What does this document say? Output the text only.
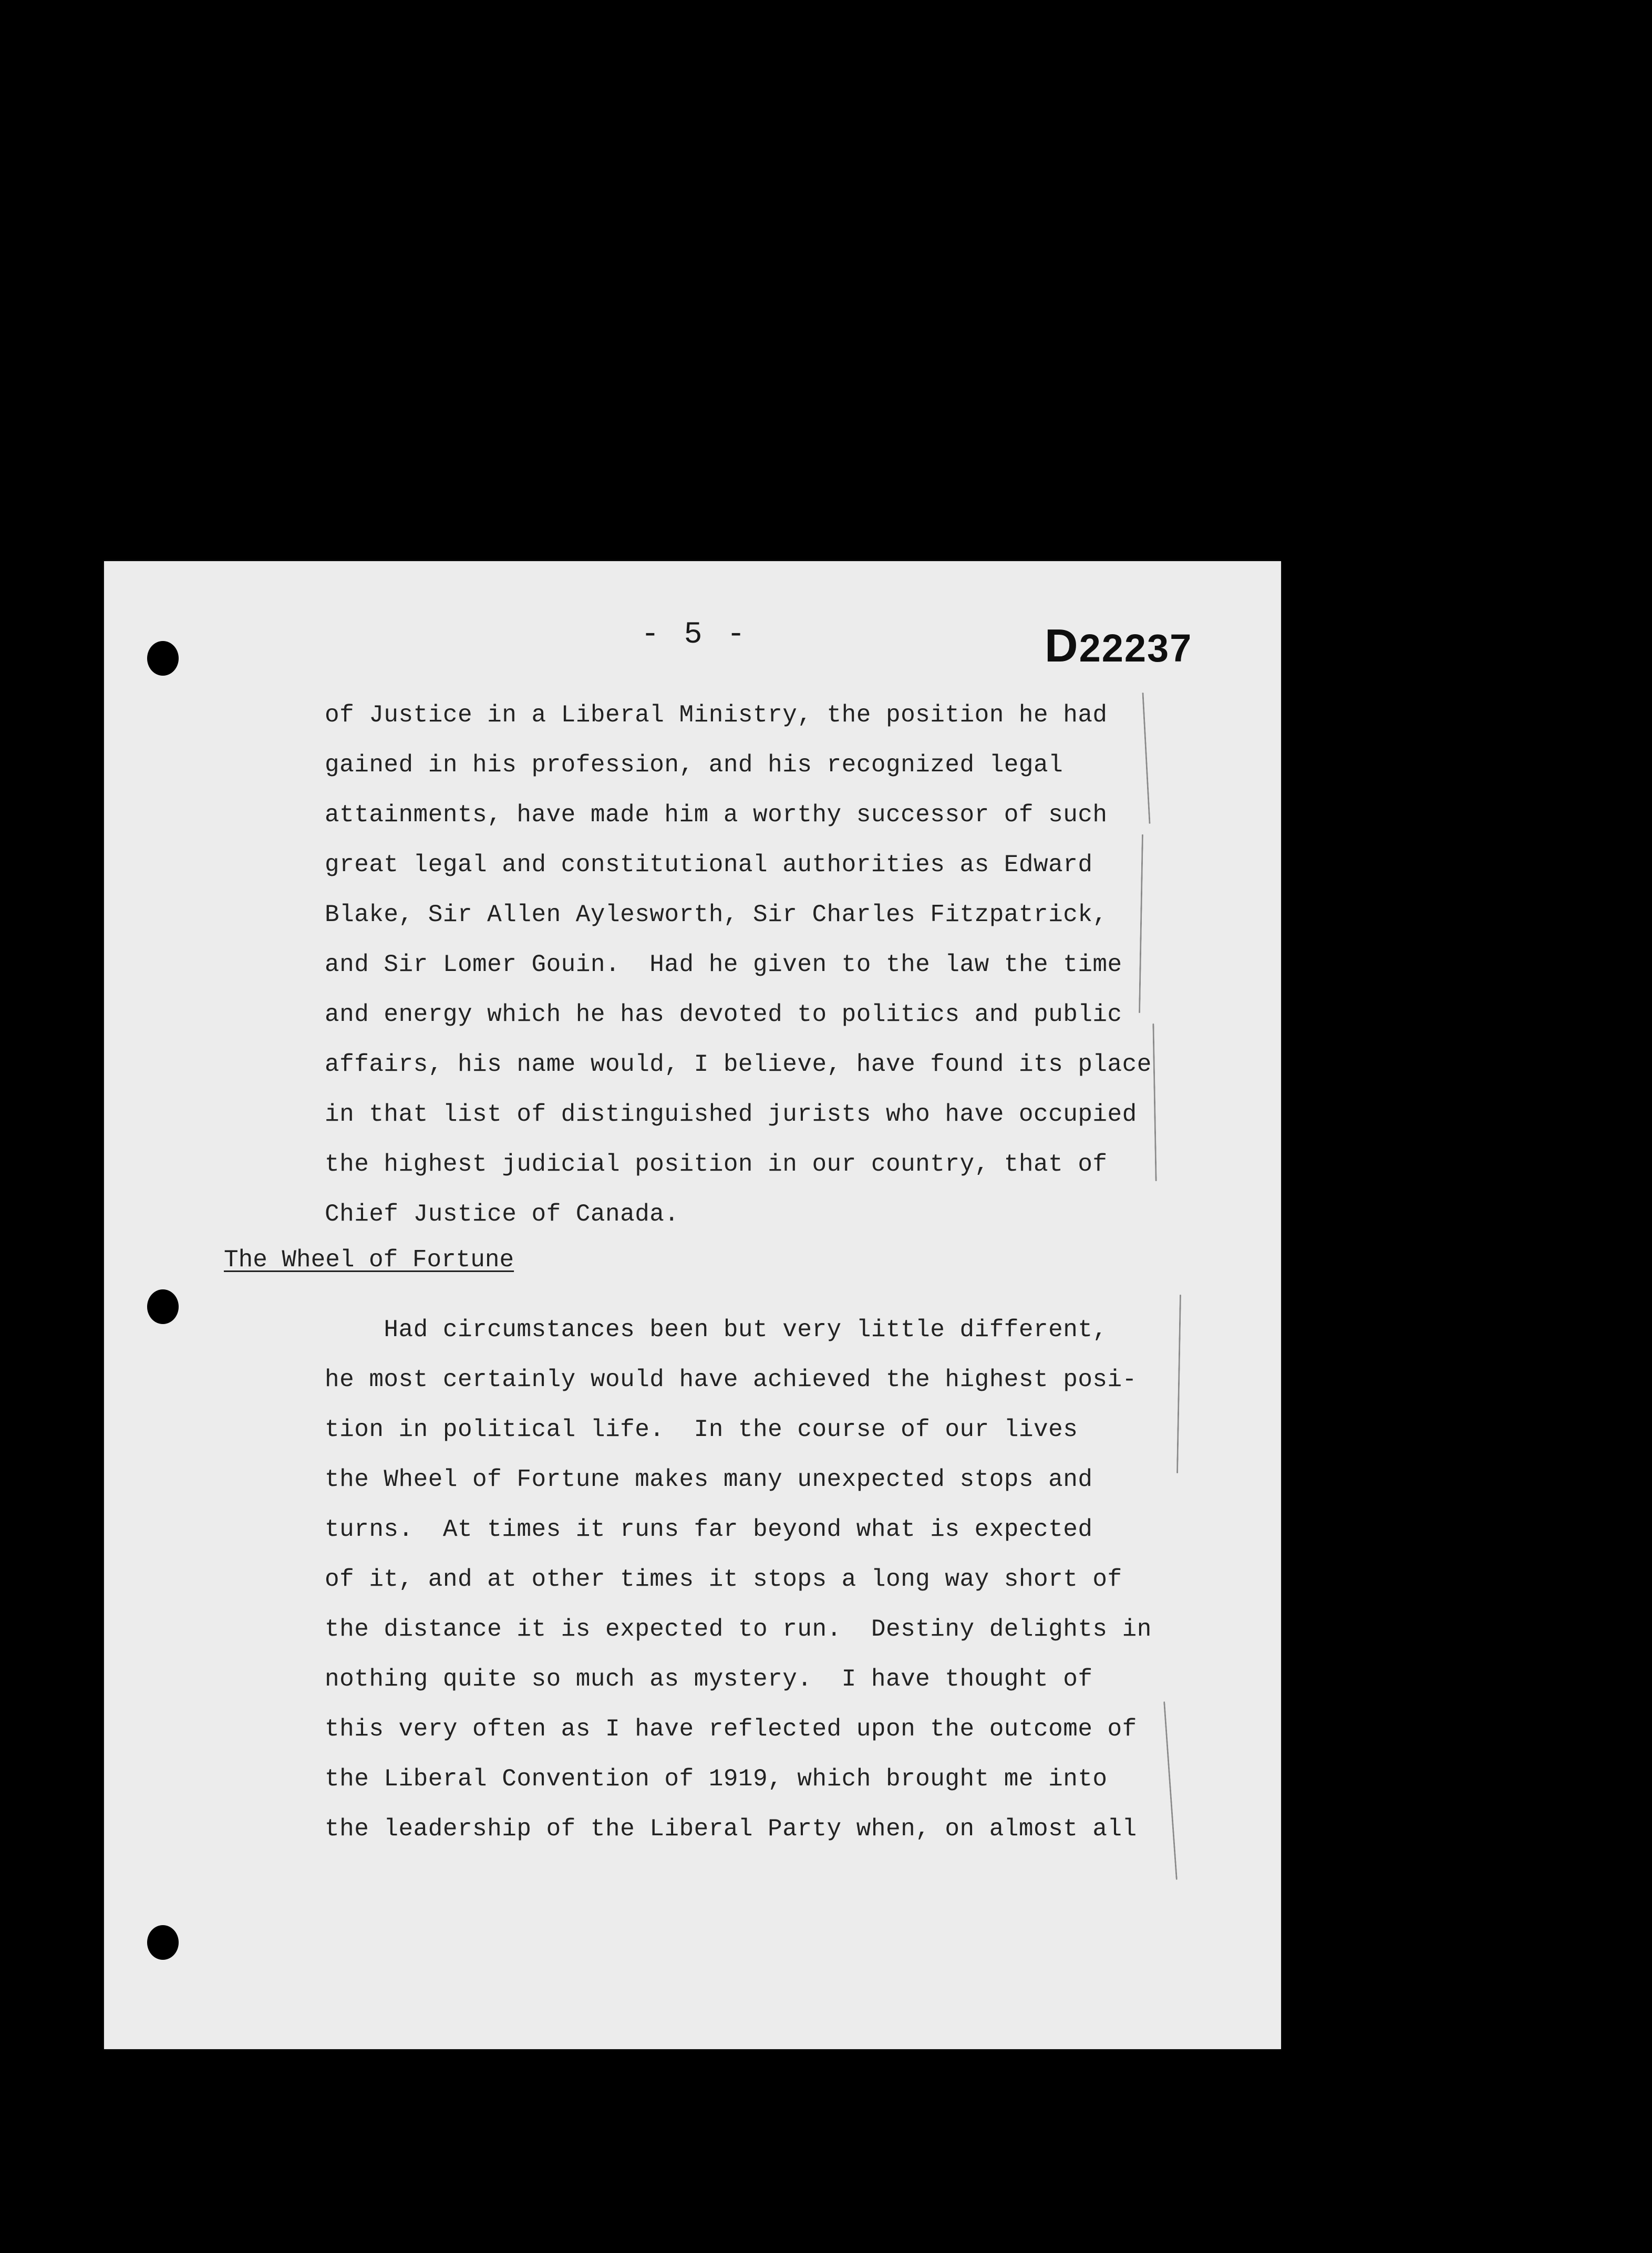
- 5 -	D22237
of Justice in a Liberal Ministry, the position he had
gained in his profession, and his recognized legal
attainments, have made him a worthy successor of such
great legal and constitutional authorities as Edward
Blake, Sir Allen Aylesworth, Sir Charles Fitzpatrick,
and Sir Lomer Gouin.  Had he given to the law the time
and energy which he has devoted to politics and public
affairs, his name would, I believe, have found its place
in that list of distinguished jurists who have occupied
the highest judicial position in our country, that of
Chief Justice of Canada.
The Wheel of Fortune
Had circumstances been but very little different,
he most certainly would have achieved the highest posi-
tion in political life.  In the course of our lives
the Wheel of Fortune makes many unexpected stops and
turns.  At times it runs far beyond what is expected
of it, and at other times it stops a long way short of
the distance it is expected to run.  Destiny delights in
nothing quite so much as mystery.  I have thought of
this very often as I have reflected upon the outcome of
the Liberal Convention of 1919, which brought me into
the leadership of the Liberal Party when, on almost all
